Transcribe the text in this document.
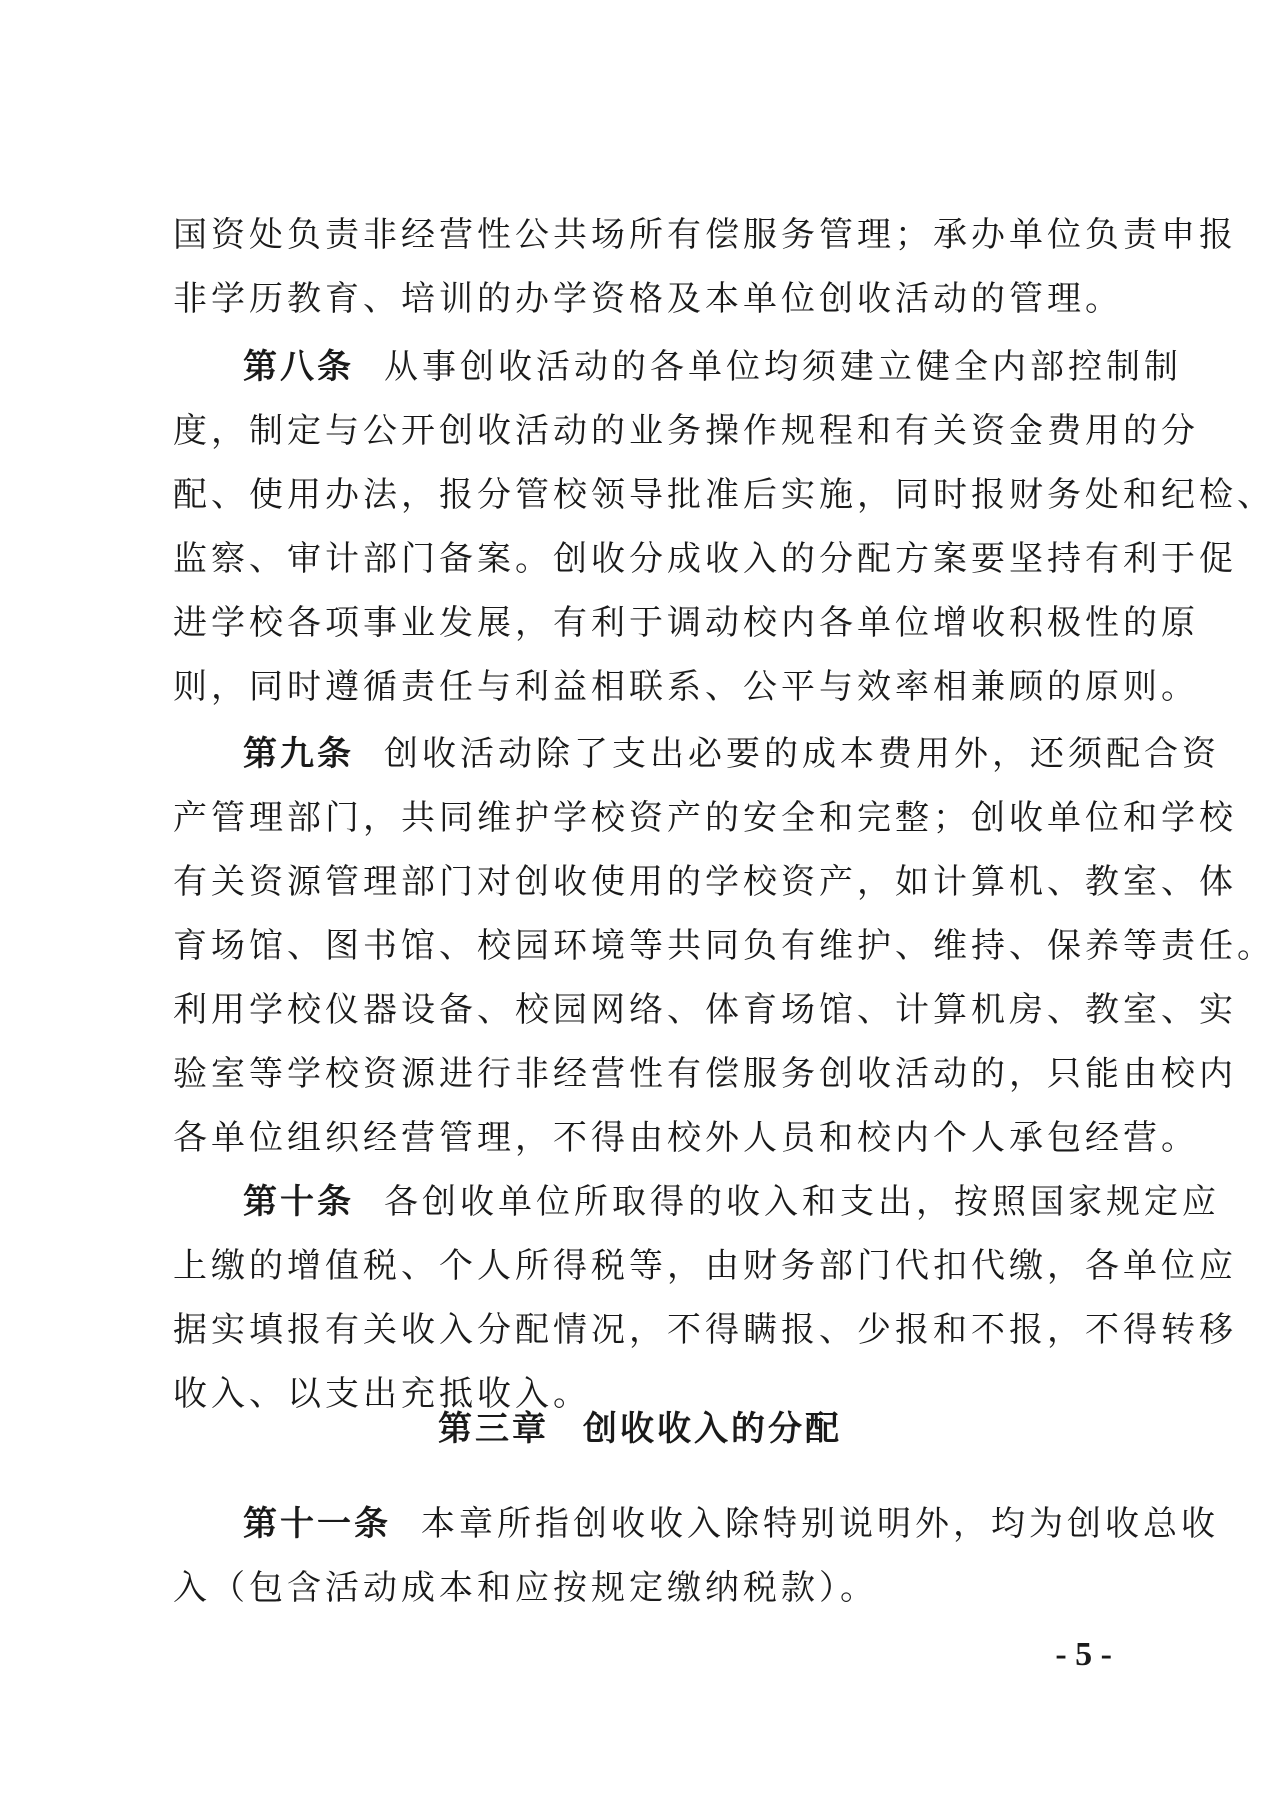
国资处负责非经营性公共场所有偿服务管理；承办单位负责申报
非学历教育、培训的办学资格及本单位创收活动的管理。
第八条 从事创收活动的各单位均须建立健全内部控制制
度，制定与公开创收活动的业务操作规程和有关资金费用的分
配、使用办法，报分管校领导批准后实施，同时报财务处和纪检、
监察、审计部门备案。创收分成收入的分配方案要坚持有利于促
进学校各项事业发展，有利于调动校内各单位增收积极性的原
则，同时遵循责任与利益相联系、公平与效率相兼顾的原则。
第九条 创收活动除了支出必要的成本费用外，还须配合资
产管理部门，共同维护学校资产的安全和完整；创收单位和学校
有关资源管理部门对创收使用的学校资产，如计算机、教室、体
育场馆、图书馆、校园环境等共同负有维护、维持、保养等责任。
利用学校仪器设备、校园网络、体育场馆、计算机房、教室、实
验室等学校资源进行非经营性有偿服务创收活动的，只能由校内
各单位组织经营管理，不得由校外人员和校内个人承包经营。
第十条 各创收单位所取得的收入和支出，按照国家规定应
上缴的增值税、个人所得税等，由财务部门代扣代缴，各单位应
据实填报有关收入分配情况，不得瞒报、少报和不报，不得转移
收入、以支出充抵收入。
第三章 创收收入的分配
第十一条 本章所指创收收入除特别说明外，均为创收总收
入（包含活动成本和应按规定缴纳税款）。
- 5 -
